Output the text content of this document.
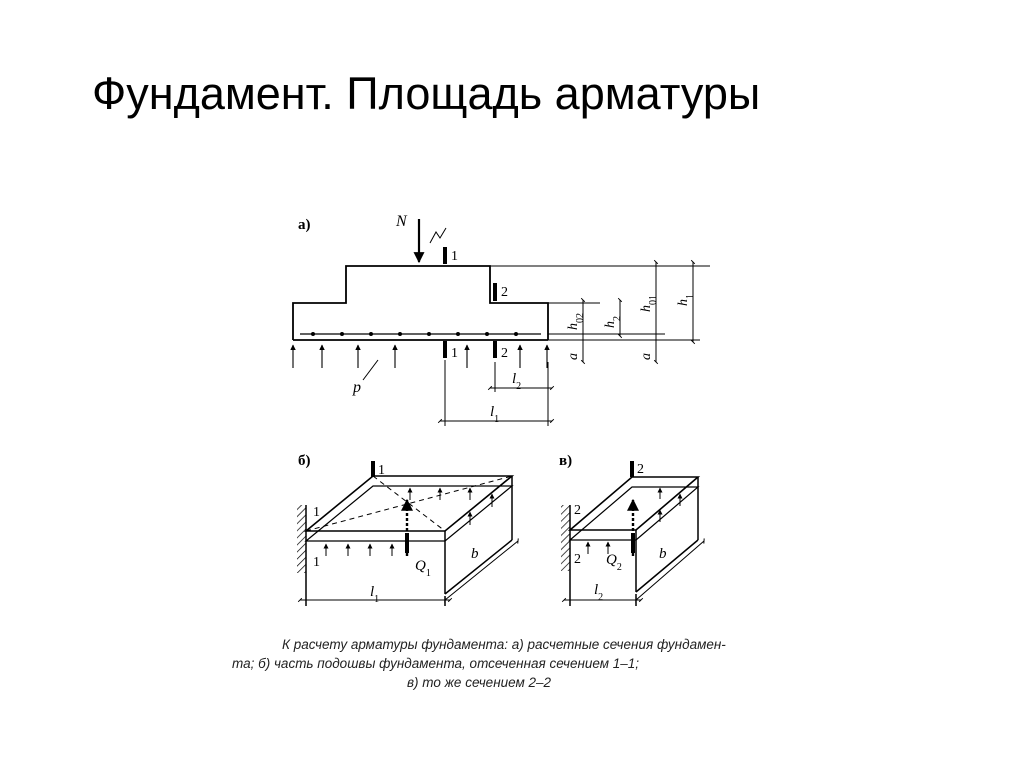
Фундамент. Площадь арматуры
а)	N
1
1
2
2
p
$h_{02}$
$h_2$
$h_{01}$ $h_1$
a	a
$l_2$
$l_1$
б)
$Q_1$
1
1
1
$l_1$
b
в)
$Q_2$
2
2
2
$l_2$
b
К расчету арматуры фундамента: а) расчетные сечения фундамен-
та; б) часть подошвы фундамента, отсеченная сечением 1–1;
в) то же сечением 2–2
